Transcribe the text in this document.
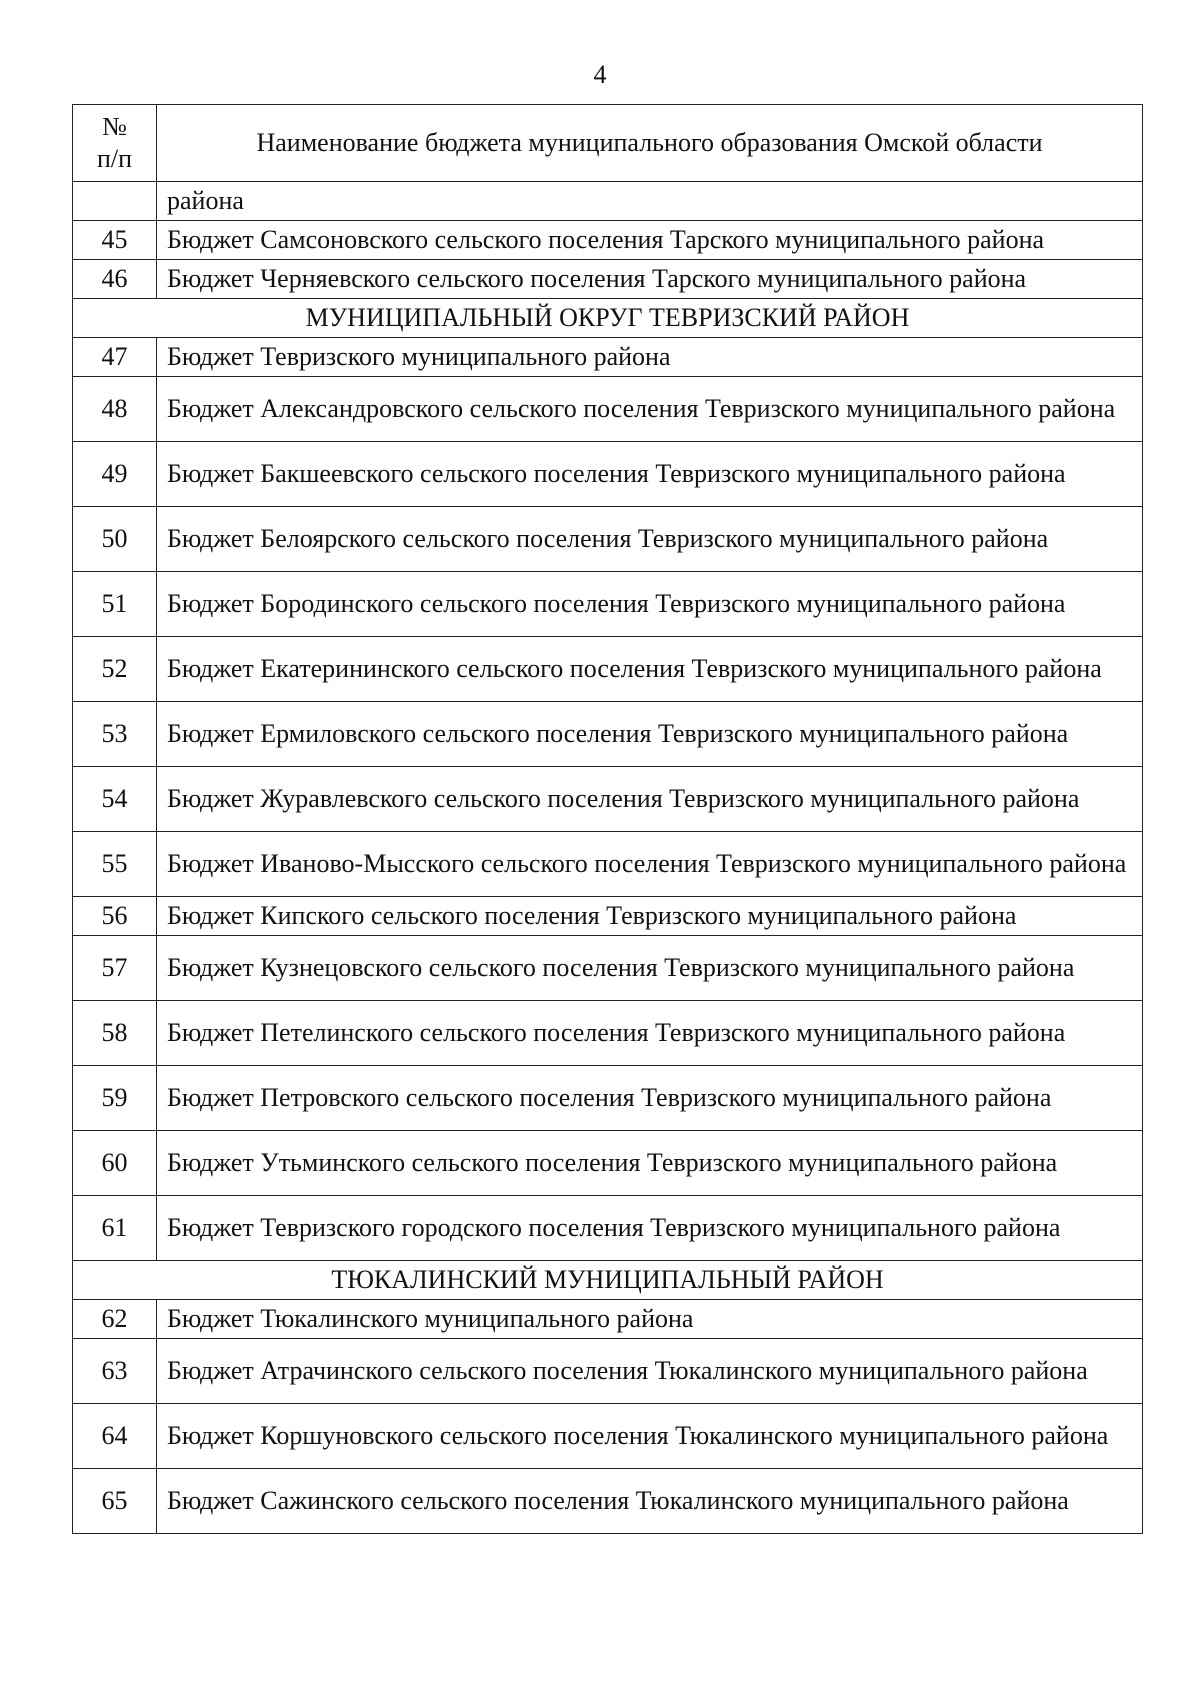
4
№
п/п	Наименование бюджета муниципального образования Омской области
	района
45	Бюджет Самсоновского сельского поселения Тарского муниципального района
46	Бюджет Черняевского сельского поселения Тарского муниципального района
МУНИЦИПАЛЬНЫЙ ОКРУГ ТЕВРИЗСКИЙ РАЙОН	
47	Бюджет Тевризского муниципального района
48	Бюджет Александровского сельского поселения Тевризского муниципального района
49	Бюджет Бакшеевского сельского поселения Тевризского муниципального района
50	Бюджет Белоярского сельского поселения Тевризского муниципального района
51	Бюджет Бородинского сельского поселения Тевризского муниципального района
52	Бюджет Екатерининского сельского поселения Тевризского муниципального района
53	Бюджет Ермиловского сельского поселения Тевризского муниципального района
54	Бюджет Журавлевского сельского поселения Тевризского муниципального района
55	Бюджет Иваново-Мысского сельского поселения Тевризского муниципального района
56	Бюджет Кипского сельского поселения Тевризского муниципального района
57	Бюджет Кузнецовского сельского поселения Тевризского муниципального района
58	Бюджет Петелинского сельского поселения Тевризского муниципального района
59	Бюджет Петровского сельского поселения Тевризского муниципального района
60	Бюджет Утьминского сельского поселения Тевризского муниципального района
61	Бюджет Тевризского городского поселения Тевризского муниципального района
ТЮКАЛИНСКИЙ МУНИЦИПАЛЬНЫЙ РАЙОН	
62	Бюджет Тюкалинского муниципального района
63	Бюджет Атрачинского сельского поселения Тюкалинского муниципального района
64	Бюджет Коршуновского сельского поселения Тюкалинского муниципального района
65	Бюджет Сажинского сельского поселения Тюкалинского муниципального района
